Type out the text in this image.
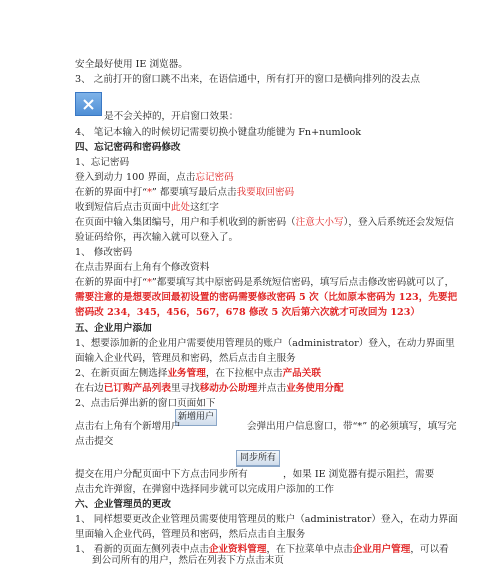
安全最好使用 IE 浏览器。
3、 之前打开的窗口跳不出来，在语信通中，所有打开的窗口是横向排列的没去点
是不会关掉的，开启窗口效果：
4、 笔记本输入的时候切记需要切换小键盘功能键为 Fn+numlook
四、忘记密码和密码修改
1、忘记密码
登入到动力 100 界面，点击忘记密码
在新的界面中打“*” 都要填写最后点击我要取回密码
收到短信后点击页面中此处这红字
在页面中输入集团编号，用户和手机收到的新密码（注意大小写），登入后系统还会发短信
验证码给你，再次输入就可以登入了。
1、 修改密码
在点击界面右上角有个修改资料
在新的界面中打“*”都要填写其中原密码是系统短信密码，填写后点击修改密码就可以了，
需要注意的是想要改回最初设置的密码需要修改密码 5 次（比如原本密码为 123，先要把
密码改 234，345，456，567，678 修改 5 次后第六次就才可改回为 123）
五、企业用户添加
1、想要添加新的企业用户需要使用管理员的账户（administrator）登入，在动力界面里
面输入企业代码，管理员和密码，然后点击自主服务
2、在新页面左侧选择业务管理，在下拉框中点击产品关联
在右边已订购产品列表里寻找移动办公助理并点击业务使用分配
2、点击后弹出新的窗口页面如下
新增用户
点击右上角有个新增用户	会弹出用户信息窗口，带“*” 的必须填写，填写完
点击提交
同步所有
提交在用户分配页面中下方点击同步所有	，如果 IE 浏览器有提示阻拦，需要
点击允许弹窗，在弹窗中选择同步就可以完成用户添加的工作
六、企业管理员的更改
1、 同样想要更改企业管理员需要使用管理员的账户（administrator）登入，在动力界面
里面输入企业代码，管理员和密码，然后点击自主服务
1、 看新的页面左侧列表中点击企业资料管理，在下拉菜单中点击企业用户管理，可以看
到公司所有的用户，然后在列表下方点击末页
